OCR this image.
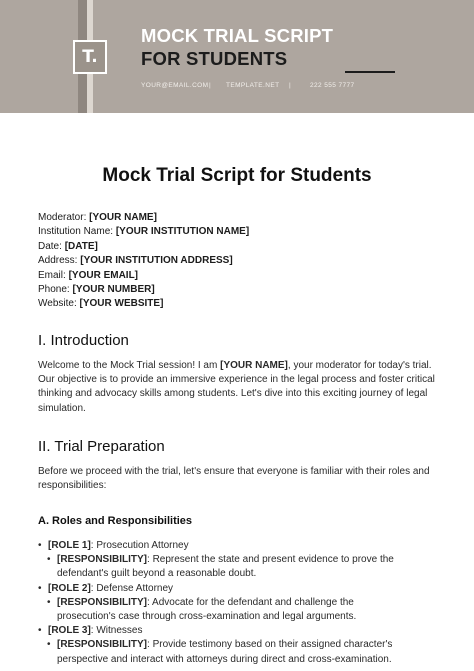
T.
MOCK TRIAL SCRIPT
FOR STUDENTS
YOUR@EMAIL.COM | TEMPLATE.NET |	222 555 7777
Mock Trial Script for Students
Moderator: [YOUR NAME]
Institution Name: [YOUR INSTITUTION NAME]
Date: [DATE]
Address: [YOUR INSTITUTION ADDRESS]
Email: [YOUR EMAIL]
Phone: [YOUR NUMBER]
Website: [YOUR WEBSITE]
I. Introduction
Welcome to the Mock Trial session! I am [YOUR NAME], your moderator for today's trial. Our objective is to provide an immersive experience in the legal process and foster critical thinking and advocacy skills among students. Let's dive into this exciting journey of legal simulation.
II. Trial Preparation
Before we proceed with the trial, let's ensure that everyone is familiar with their roles and responsibilities:
A. Roles and Responsibilities
• [ROLE 1]: Prosecution Attorney
• [RESPONSIBILITY]: Represent the state and present evidence to prove the
defendant's guilt beyond a reasonable doubt.
• [ROLE 2]: Defense Attorney
• [RESPONSIBILITY]: Advocate for the defendant and challenge the
prosecution's case through cross-examination and legal arguments.
• [ROLE 3]: Witnesses
• [RESPONSIBILITY]: Provide testimony based on their assigned character's
perspective and interact with attorneys during direct and cross-examination.
